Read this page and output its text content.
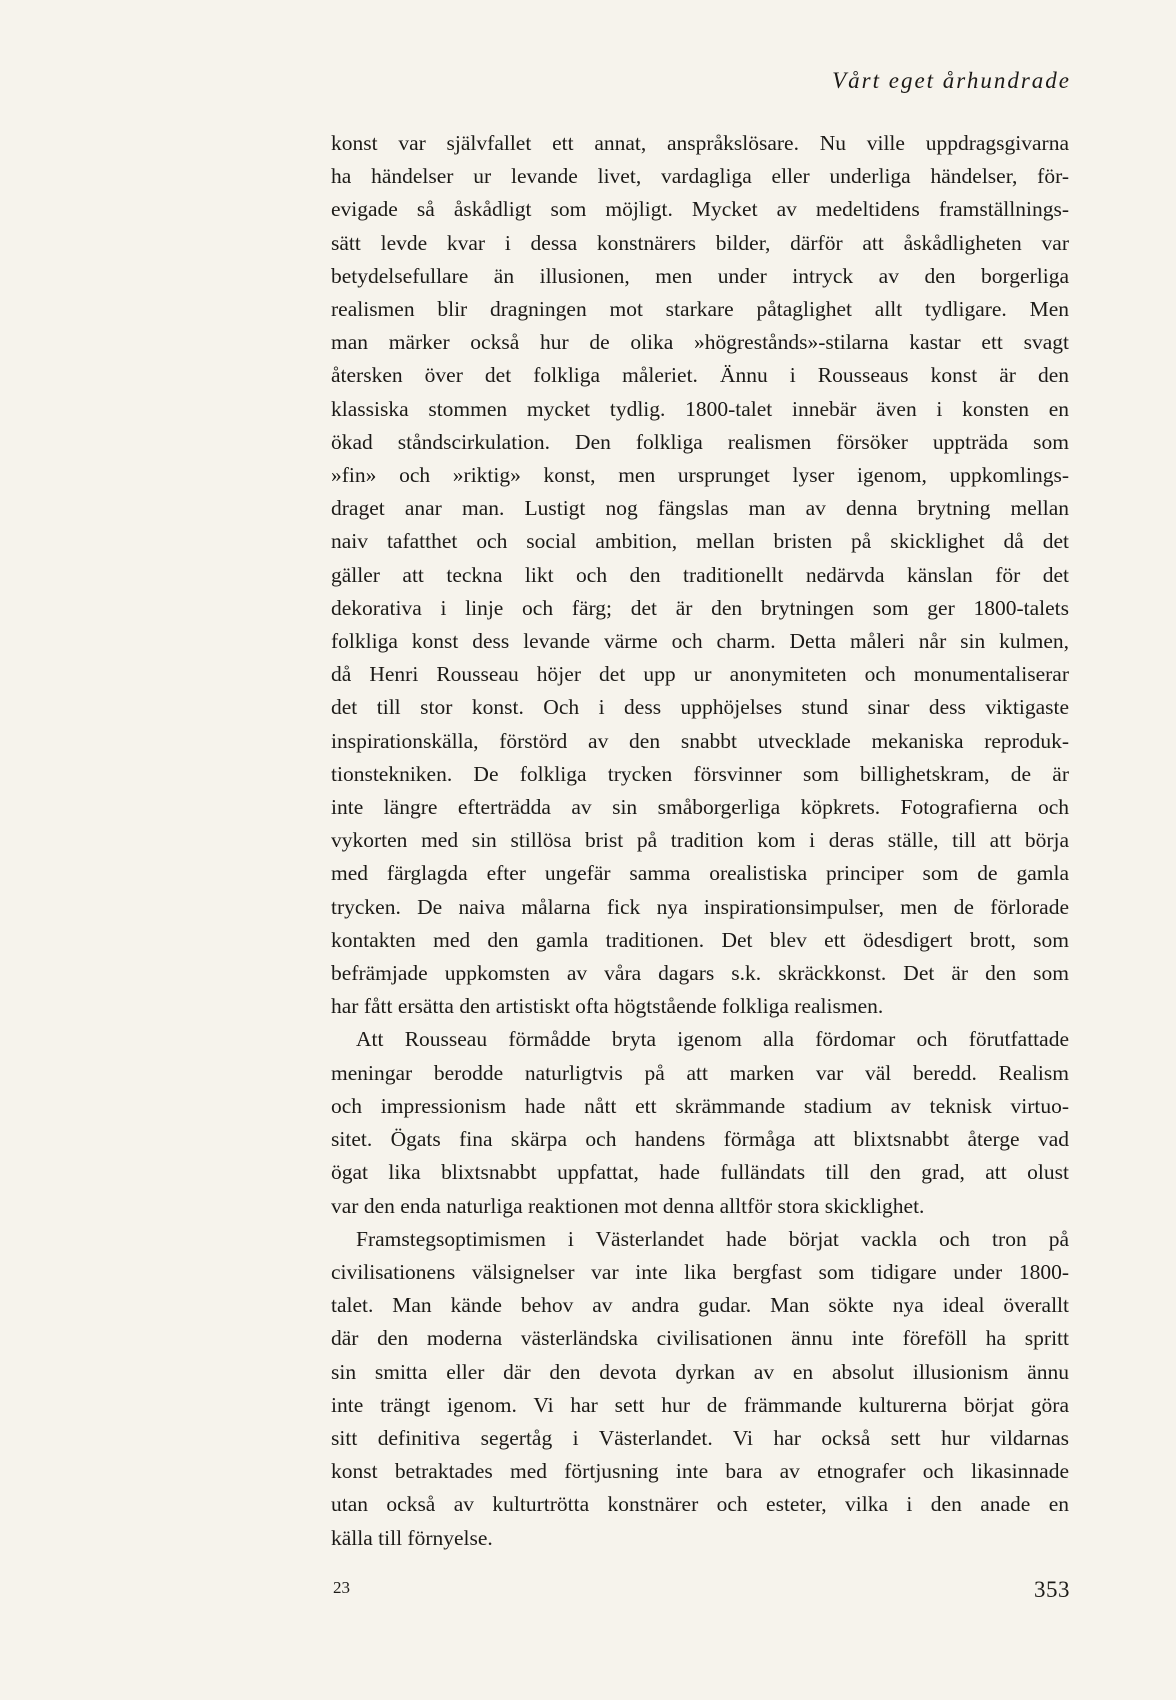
Vårt eget århundrade

konst var självfallet ett annat, anspråkslösare. Nu ville uppdragsgivarna
ha händelser ur levande livet, vardagliga eller underliga händelser, för-
evigade så åskådligt som möjligt. Mycket av medeltidens framställnings-
sätt levde kvar i dessa konstnärers bilder, därför att åskådligheten var
betydelsefullare än illusionen, men under intryck av den borgerliga
realismen blir dragningen mot starkare påtaglighet allt tydligare. Men
man märker också hur de olika »högrestånds»-stilarna kastar ett svagt
återsken över det folkliga måleriet. Ännu i Rousseaus konst är den
klassiska stommen mycket tydlig. 1800-talet innebär även i konsten en
ökad ståndscirkulation. Den folkliga realismen försöker uppträda som
»fin» och »riktig» konst, men ursprunget lyser igenom, uppkomlings-
draget anar man. Lustigt nog fängslas man av denna brytning mellan
naiv tafatthet och social ambition, mellan bristen på skicklighet då det
gäller att teckna likt och den traditionellt nedärvda känslan för det
dekorativa i linje och färg; det är den brytningen som ger 1800-talets
folkliga konst dess levande värme och charm. Detta måleri når sin kulmen,
då Henri Rousseau höjer det upp ur anonymiteten och monumentaliserar
det till stor konst. Och i dess upphöjelses stund sinar dess viktigaste
inspirationskälla, förstörd av den snabbt utvecklade mekaniska reproduk-
tionstekniken. De folkliga trycken försvinner som billighetskram, de är
inte längre efterträdda av sin småborgerliga köpkrets. Fotografierna och
vykorten med sin stillösa brist på tradition kom i deras ställe, till att börja
med färglagda efter ungefär samma orealistiska principer som de gamla
trycken. De naiva målarna fick nya inspirationsimpulser, men de förlorade
kontakten med den gamla traditionen. Det blev ett ödesdigert brott, som
befrämjade uppkomsten av våra dagars s.k. skräckkonst. Det är den som
har fått ersätta den artistiskt ofta högtstående folkliga realismen.

Att Rousseau förmådde bryta igenom alla fördomar och förutfattade
meningar berodde naturligtvis på att marken var väl beredd. Realism
och impressionism hade nått ett skrämmande stadium av teknisk virtuo-
sitet. Ögats fina skärpa och handens förmåga att blixtsnabbt återge vad
ögat lika blixtsnabbt uppfattat, hade fulländats till den grad, att olust
var den enda naturliga reaktionen mot denna alltför stora skicklighet.

Framstegsoptimismen i Västerlandet hade börjat vackla och tron på
civilisationens välsignelser var inte lika bergfast som tidigare under 1800-
talet. Man kände behov av andra gudar. Man sökte nya ideal överallt
där den moderna västerländska civilisationen ännu inte föreföll ha spritt
sin smitta eller där den devota dyrkan av en absolut illusionism ännu
inte trängt igenom. Vi har sett hur de främmande kulturerna börjat göra
sitt definitiva segertåg i Västerlandet. Vi har också sett hur vildarnas
konst betraktades med förtjusning inte bara av etnografer och likasinnade
utan också av kulturtrötta konstnärer och esteter, vilka i den anade en
källa till förnyelse.

23	353
